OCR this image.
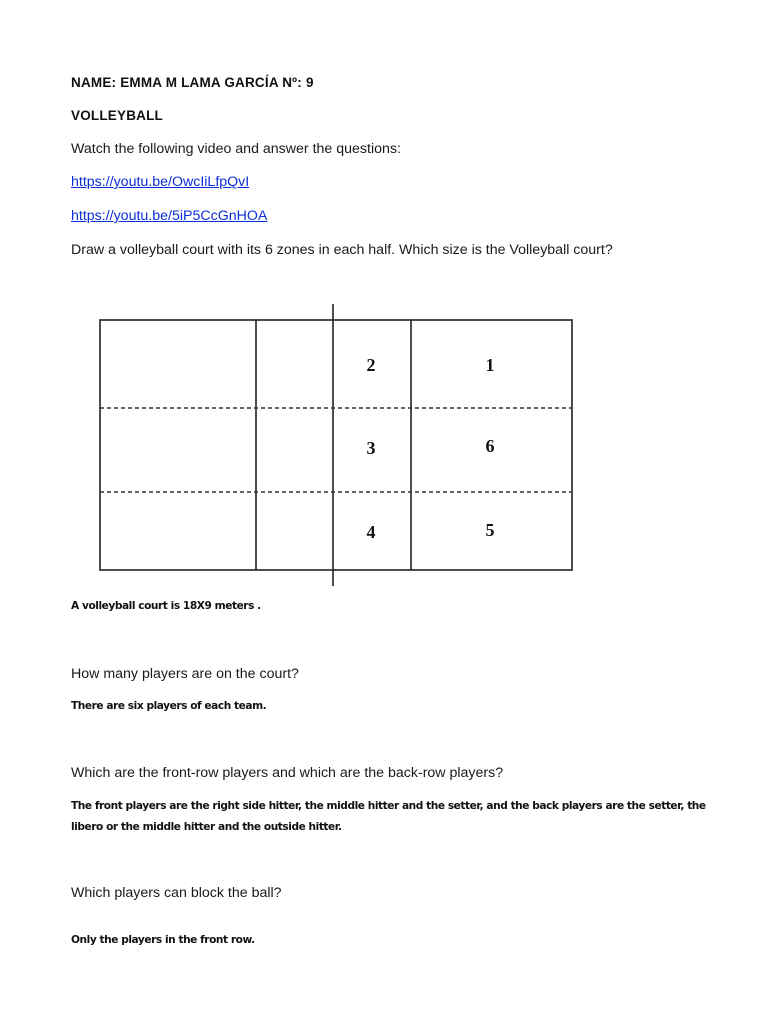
NAME: EMMA M LAMA GARCÍA Nº: 9

VOLLEYBALL

Watch the following video and answer the questions:

https://youtu.be/OwcIiLfpQvI
https://youtu.be/5iP5CcGnHOA

Draw a volleyball court with its 6 zones in each half. Which size is the Volleyball court?

2	1
3	6
4	5

A volleyball court is 18X9 meters .

How many players are on the court?

There are six players of each team.

Which are the front-row players and which are the back-row players?

The front players are the right side hitter, the middle hitter and the setter, and the back players are the setter, the libero or the middle hitter and the outside hitter.

Which players can block the ball?

Only the players in the front row.
